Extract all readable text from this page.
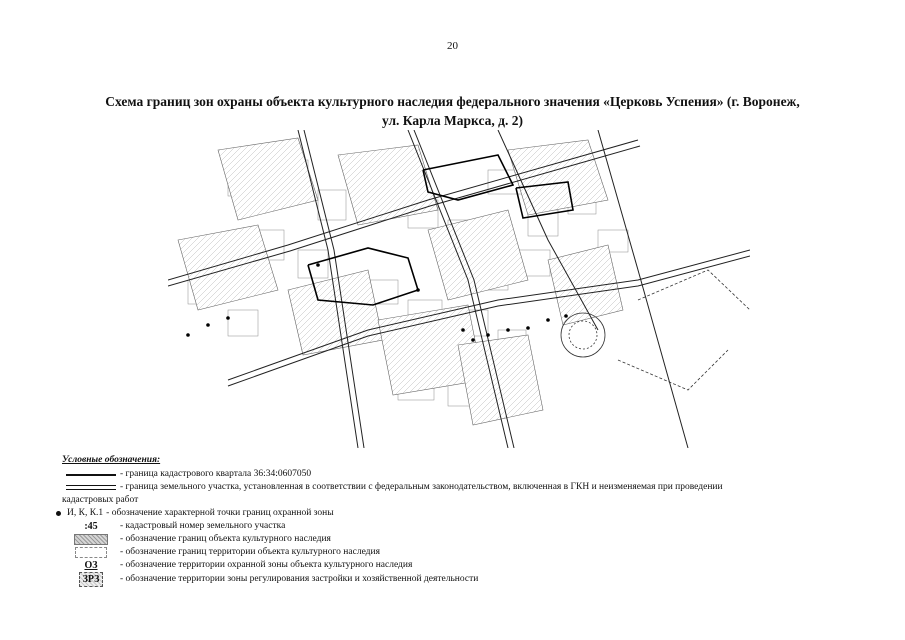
20
Схема границ зон охраны объекта культурного наследия федерального значения «Церковь Успения» (г. Воронеж,
ул. Карла Маркса, д. 2)
Условные обозначения:
- граница кадастрового квартала 36:34:0607050
- граница земельного участка, установленная в соответствии с федеральным законодательством, включенная в ГКН и неизменяемая при проведении
кадастровых работ
И, К, К.1 - обозначение характерной точки границ охранной зоны
:45 - кадастровый номер земельного участка
- обозначение границ объекта культурного наследия
- обозначение границ территории объекта культурного наследия
ОЗ - обозначение территории охранной зоны объекта культурного наследия
ЗРЗ	- обозначение территории зоны регулирования застройки и хозяйственной деятельности
